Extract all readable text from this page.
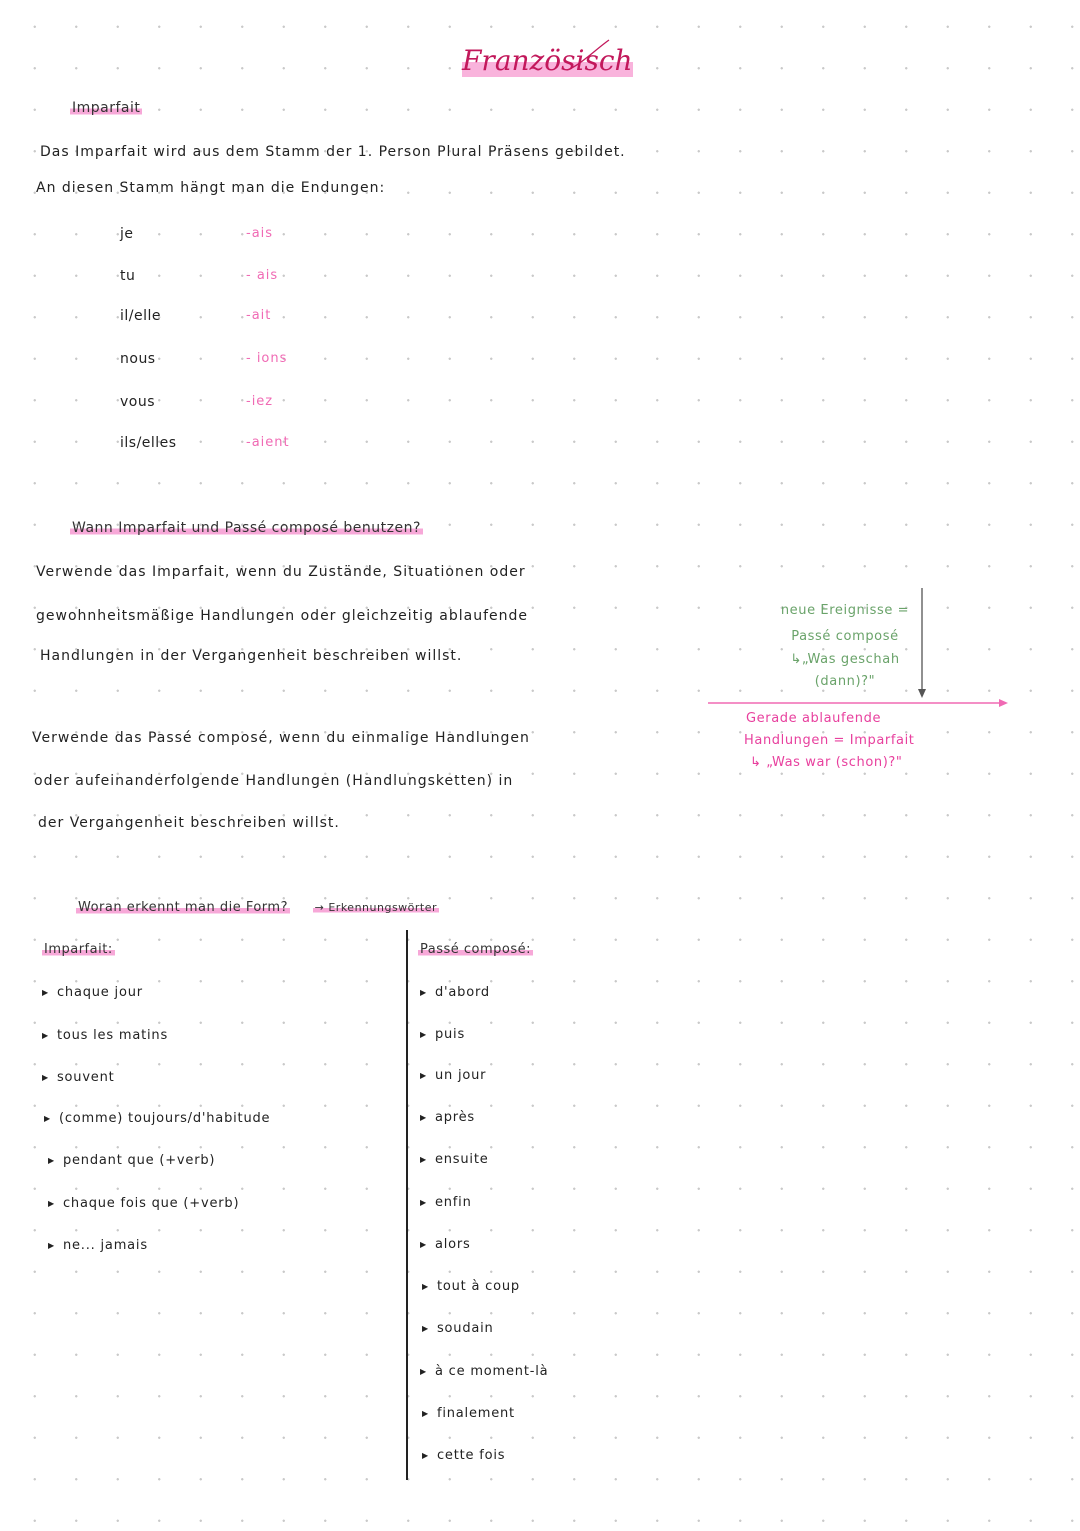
Französisch
Imparfait
Das Imparfait wird aus dem Stamm der 1. Person Plural Präsens gebildet.
An diesen Stamm hängt man die Endungen:
je	-ais
tu	- ais
il/elle	-ait
nous	- ions
vous	-iez
ils/elles	-aient
Wann Imparfait und Passé composé benutzen?
Verwende das Imparfait, wenn du Zustände, Situationen oder
gewohnheitsmäßige Handlungen oder gleichzeitig ablaufende
Handlungen in der Vergangenheit beschreiben willst.
Verwende das Passé composé, wenn du einmalige Handlungen
oder aufeinanderfolgende Handlungen (Handlungsketten) in
der Vergangenheit beschreiben willst.
neue Ereignisse =
Passé composé
↳„Was geschah
(dann)?"
Gerade ablaufende
Handlungen = Imparfait
↳ „Was war (schon)?"
Woran erkennt man die Form? → Erkennungswörter
Imparfait:
▶ chaque jour
▶ tous les matins
▶ souvent
▶ (comme) toujours/d'habitude
▶ pendant que (+verb)
▶ chaque fois que (+verb)
▶ ne... jamais
Passé composé:
▶ d'abord
▶ puis
▶ un jour
▶ après
▶ ensuite
▶ enfin
▶ alors
▶ tout à coup
▶ soudain
▶ à ce moment-là
▶ finalement
▶ cette fois
